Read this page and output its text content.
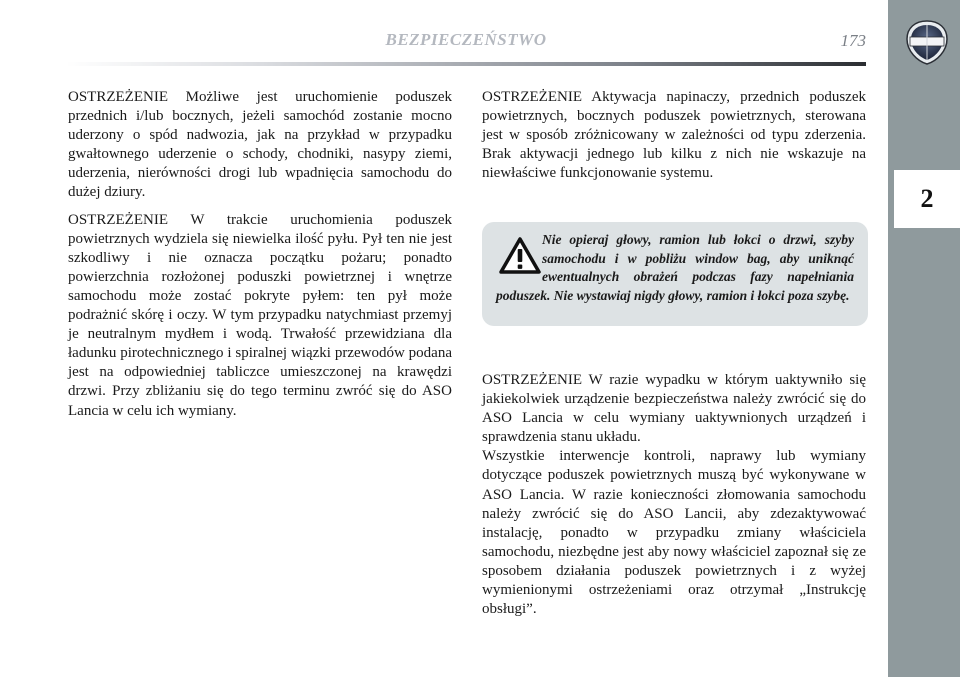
BEZPIECZEŃSTWO	173
2

OSTRZEŻENIE Możliwe jest uruchomienie poduszek przednich i/lub bocznych, jeżeli samochód zostanie mocno uderzony o spód nadwozia, jak na przykład w przypadku gwałtownego uderzenie o schody, chodniki, nasypy ziemi, uderzenia, nierówności drogi lub wpadnięcia samochodu do dużej dziury.

OSTRZEŻENIE W trakcie uruchomienia poduszek powietrznych wydziela się niewielka ilość pyłu. Pył ten nie jest szkodliwy i nie oznacza początku pożaru; ponadto powierzchnia rozłożonej poduszki powietrznej i wnętrze samochodu może zostać pokryte pyłem: ten pył może podrażnić skórę i oczy. W tym przypadku natychmiast przemyj je neutralnym mydłem i wodą. Trwałość przewidziana dla ładunku pirotechnicznego i spiralnej wiązki przewodów podana jest na odpowiedniej tabliczce umieszczonej na krawędzi drzwi. Przy zbliżaniu się do tego terminu zwróć się do ASO Lancia w celu ich wymiany.

OSTRZEŻENIE Aktywacja napinaczy, przednich poduszek powietrznych, bocznych poduszek powietrznych, sterowana jest w sposób zróżnicowany w zależności od typu zderzenia. Brak aktywacji jednego lub kilku z nich nie wskazuje na niewłaściwe funkcjonowanie systemu.

Nie opieraj głowy, ramion lub łokci o drzwi, szyby samochodu i w pobliżu window bag, aby uniknąć ewentualnych obrażeń podczas fazy napełniania poduszek. Nie wystawiaj nigdy głowy, ramion i łokci poza szybę.

OSTRZEŻENIE W razie wypadku w którym uaktywniło się jakiekolwiek urządzenie bezpieczeństwa należy zwrócić się do ASO Lancia w celu wymiany uaktywnionych urządzeń i sprawdzenia stanu układu.

Wszystkie interwencje kontroli, naprawy lub wymiany dotyczące poduszek powietrznych muszą być wykonywane w ASO Lancia. W razie konieczności złomowania samochodu należy zwrócić się do ASO Lancii, aby zdezaktywować instalację, ponadto w przypadku zmiany właściciela samochodu, niezbędne jest aby nowy właściciel zapoznał się ze sposobem działania poduszek powietrznych i z wyżej wymienionymi ostrzeżeniami oraz otrzymał „Instrukcję obsługi”.
